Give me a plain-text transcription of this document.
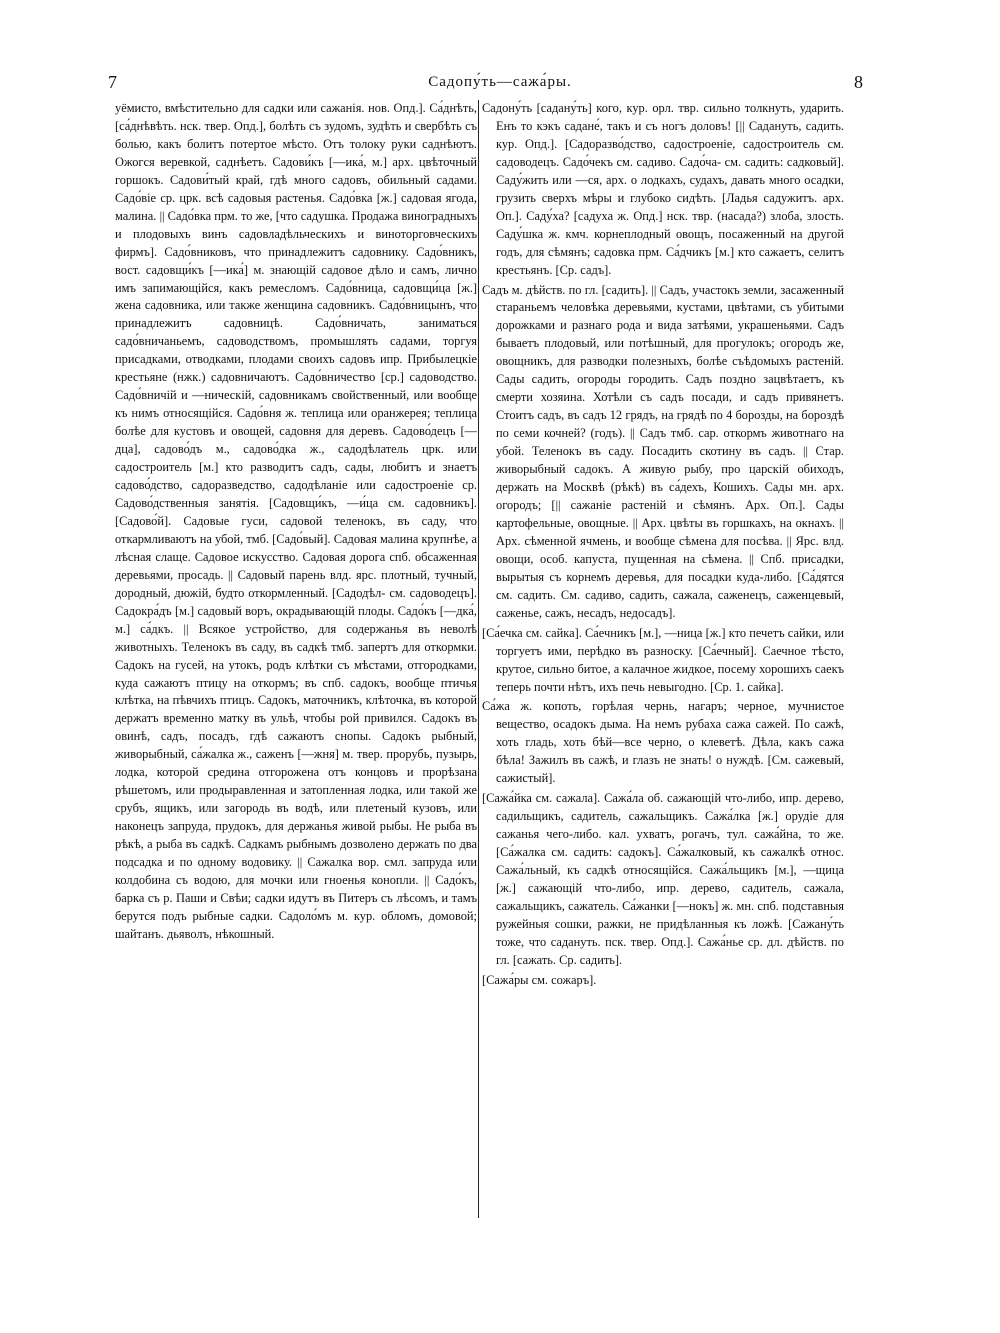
7	Садопу́ть—сажа́ры.	8

уёмисто, вмѣстительно для садки или сажанія. нов. Опд.]. Са́днѣть, [са́днѣвѣть. нск. твер. Опд.], болѣть съ зудомъ, зудѣть и свербѣть съ болью, какъ болитъ потертое мѣсто. Отъ толоку руки саднѣютъ. Ожогся веревкой, саднѣетъ. Садови́къ [—ика́, м.] арх. цвѣточный горшокъ. Садови́тый край, гдѣ много садовъ, обильный садами. Садо́віе ср. црк. всѣ садовыя растенья. Садо́вка [ж.] садовая ягода, малина. || Садо́вка прм. то же, [что садушка. Продажа виноградныхъ и плодовыхъ винъ садовладѣльческихъ и виноторговческихъ фирмъ]. Садо́вниковъ, что принадлежитъ садовнику. Садо́вникъ, вост. садовщи́къ [—ика́] м. знающій садовое дѣло и самъ, лично имъ запимающійся, какъ ремесломъ. Садо́вница, садовщи́ца [ж.] жена садовника, или также женщина садовникъ. Садо́вницынъ, что принадлежитъ садовницѣ. Садо́вничать, заниматься садо́вничаньемъ, садоводствомъ, промышлять садами, торгуя присадками, отводками, плодами своихъ садовъ ипр. Прибылецкіе крестьяне (нжк.) садовничаютъ. Садо́вничество [ср.] садоводство. Садо́вничій и —ническій, садовникамъ свойственный, или вообще къ нимъ относящійся. Садо́вня ж. теплица или оранжерея; теплица болѣе для кустовъ и овощей, садовня для деревъ. Садово́децъ [—дца], садово́дъ м., садово́дка ж., садодѣлатель црк. или садостроитель [м.] кто разводитъ садъ, сады, любитъ и знаетъ садово́дство, садоразведство, садодѣланіе или садостроеніе ср. Садово́дственныя занятія. [Садовщи́къ, —и́ца см. садовникъ]. [Садово́й]. Садовые гуси, садовой теленокъ, въ саду, что откармливаютъ на убой, тмб. [Садо́вый]. Садовая малина крупнѣе, а лѣсная слаще. Садовое искусство. Садовая дорога спб. обсаженная деревьями, просадь. || Садовый парень влд. ярс. плотный, тучный, дородный, дюжій, будто откормленный. [Садодѣл- см. садоводецъ]. Садокра́дъ [м.] садовый воръ, окрадывающій плоды. Садо́къ [—дка́, м.] са́дкъ. || Всякое устройство, для содержанья въ неволѣ животныхъ. Теленокъ въ саду, въ садкѣ тмб. запертъ для откормки. Садокъ на гусей, на утокъ, родъ клѣтки съ мѣстами, отгородками, куда сажаютъ птицу на откормъ; въ спб. садокъ, вообще птичья клѣтка, на пѣвчихъ птицъ. Садокъ, маточникъ, клѣточка, въ которой держатъ временно матку въ ульѣ, чтобы рой привился. Садокъ въ овинѣ, садъ, посадъ, гдѣ сажаютъ снопы. Садокъ рыбный, живорыбный, са́жалка ж., саженъ [—жня] м. твер. прорубь, пузырь, лодка, которой средина отгорожена отъ концовъ и прорѣзана рѣшетомъ, или продыравленная и затопленная лодка, или такой же срубъ, ящикъ, или загородь въ водѣ, или плетеный кузовъ, или наконецъ запруда, прудокъ, для держанья живой рыбы. Не рыба въ рѣкѣ, а рыба въ садкѣ. Садкамъ рыбнымъ дозволено держать по два подсадка и по одному водовику. || Сажалка вор. смл. запруда или колдобина съ водою, для мочки или гноенья конопли. || Садо́къ, барка съ р. Паши и Свѣи; садки идутъ въ Питеръ съ лѣсомъ, и тамъ берутся подъ рыбные садки. Садоло́мъ м. кур. обломъ, домовой; шайтанъ. дьяволъ, нѣкошный.

Садону́ть [садану́ть] кого, кур. орл. твр. сильно толкнуть, ударить. Енъ то кэкъ садане́, такъ и съ ногъ доловъ! [|| Садануть, садить. кур. Опд.]. [Садоразво́дство, садостроеніе, садостроитель см. садоводецъ. Садо́чекъ см. садиво. Садо́ча- см. садить: садковый]. Саду́жить или —ся, арх. о лодкахъ, судахъ, давать много осадки, грузить сверхъ мѣры и глубоко сидѣть. [Ладья садужитъ. арх. Оп.]. Саду́ха? [садуха ж. Опд.] нск. твр. (насада?) злоба, злость. Саду́шка ж. кмч. корнеплодный овощъ, посаженный на другой годъ, для сѣмянъ; садовка прм. Са́дчикъ [м.] кто сажаетъ, селитъ крестьянъ. [Ср. садъ].

Садъ м. дѣйств. по гл. [садить]. || Садъ, участокъ земли, засаженный стараньемъ человѣка деревьями, кустами, цвѣтами, съ убитыми дорожками и разнаго рода и вида затѣями, украшеньями. Садъ бываетъ плодовый, или потѣшный, для прогулокъ; огородъ же, овощникъ, для разводки полезныхъ, болѣе съѣдомыхъ растеній. Сады садить, огороды городить. Садъ поздно зацвѣтаетъ, къ смерти хозяина. Хотѣли съ садъ посади, и садъ привянетъ. Стоитъ садъ, въ садъ 12 грядъ, на грядѣ по 4 борозды, на бороздѣ по семи кочней? (годъ). || Садъ тмб. сар. откормъ животнаго на убой. Теленокъ въ саду. Посадить скотину въ садъ. || Стар. живорыбный садокъ. А живую рыбу, про царскій обиходъ, держать на Москвѣ (рѣкѣ) въ са́дехъ, Кошихъ. Сады мн. арх. огородъ; [|| сажаніе растеній и сѣмянъ. Арх. Оп.]. Сады картофельные, овощные. || Арх. цвѣты въ горшкахъ, на окнахъ. || Арх. сѣменной ячмень, и вообще сѣмена для посѣва. || Ярс. влд. овощи, особ. капуста, пущенная на сѣмена. || Спб. присадки, вырытыя съ корнемъ деревья, для посадки куда-либо. [Са́дятся см. садить. См. садиво, садить, сажала, саженецъ, саженцевый, саженье, сажъ, несадъ, недосадъ].

[Са́ечка см. сайка]. Са́ечникъ [м.], —ница [ж.] кто печетъ сайки, или торгуетъ ими, перѣдко въ разноску. [Са́ечный]. Саечное тѣсто, крутое, сильно битое, а калачное жидкое, посему хорошихъ саекъ теперь почти нѣтъ, ихъ печь невыгодно. [Ср. 1. сайка].

Са́жа ж. копоть, горѣлая чернь, нагаръ; черное, мучнистое вещество, осадокъ дыма. На немъ рубаха сажа сажей. По сажѣ, хоть гладь, хоть бѣй—все черно, о клеветѣ. Дѣла, какъ сажа бѣла! Зажилъ въ сажѣ, и глазъ не знать! о нуждѣ. [См. сажевый, сажистый].

[Сажа́йка см. сажала]. Сажа́ла об. сажающій что-либо, ипр. дерево, садильщикъ, садитель, сажальщикъ. Сажа́лка [ж.] орудіе для сажанья чего-либо. кал. ухватъ, рогачъ, тул. сажа́йна, то же. [Са́жалка см. садить: садокъ]. Са́жалковый, къ сажалкѣ относ. Сажа́льный, къ садкѣ относящійся. Сажа́льщикъ [м.], —щица [ж.] сажающій что-либо, ипр. дерево, садитель, сажала, сажальщикъ, сажатель. Са́жанки [—нокъ] ж. мн. спб. подставныя ружейныя сошки, ражки, не придѣланныя къ ложѣ. [Сажану́ть тоже, что садануть. пск. твер. Опд.]. Сажа́нье ср. дл. дѣйств. по гл. [сажать. Ср. садить].

[Сажа́ры см. сожаръ].
